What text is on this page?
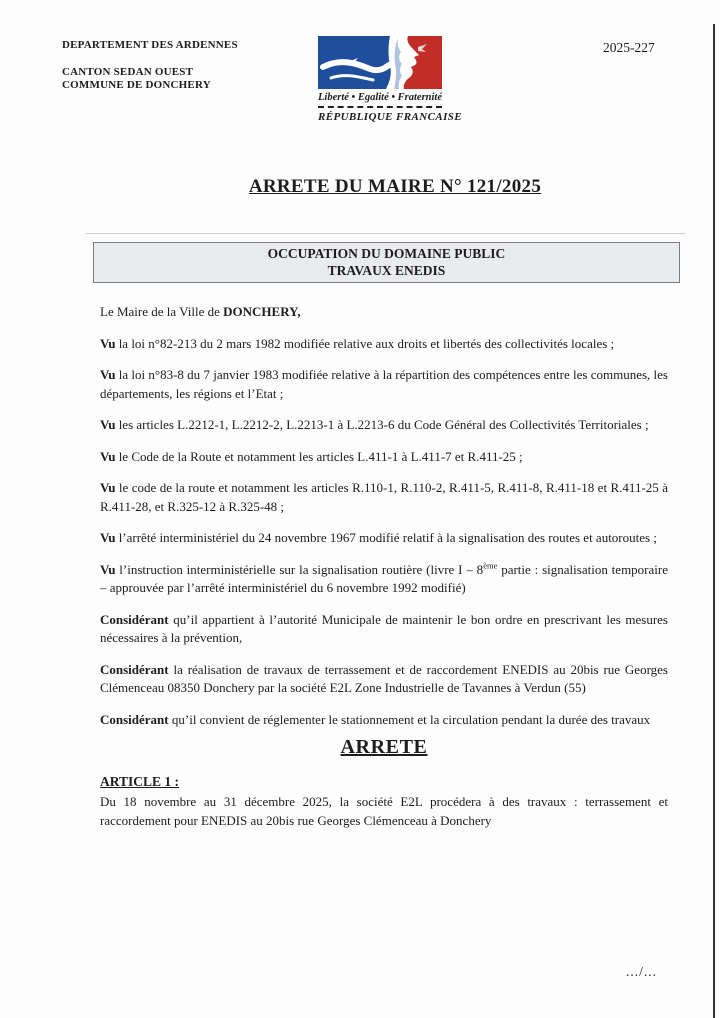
DEPARTEMENT DES ARDENNES
CANTON SEDAN OUEST
COMMUNE DE DONCHERY
2025-227
Liberté • Egalité • Fraternité
RÉPUBLIQUE FRANCAISE
ARRETE DU MAIRE N° 121/2025
OCCUPATION DU DOMAINE PUBLIC
TRAVAUX ENEDIS

Le Maire de la Ville de DONCHERY,

Vu la loi n°82-213 du 2 mars 1982 modifiée relative aux droits et libertés des collectivités locales ;

Vu la loi n°83-8 du 7 janvier 1983 modifiée relative à la répartition des compétences entre les communes, les départements, les régions et l’Etat ;

Vu les articles L.2212-1, L.2212-2, L.2213-1 à L.2213-6 du Code Général des Collectivités Territoriales ;

Vu le Code de la Route et notamment les articles L.411-1 à L.411-7 et R.411-25 ;

Vu le code de la route et notamment les articles R.110-1, R.110-2, R.411-5, R.411-8, R.411-18 et R.411-25 à R.411-28, et R.325-12 à R.325-48 ;

Vu l’arrêté interministériel du 24 novembre 1967 modifié relatif à la signalisation des routes et autoroutes ;

Vu l’instruction interministérielle sur la signalisation routière (livre I – 8ème partie : signalisation temporaire – approuvée par l’arrêté interministériel du 6 novembre 1992 modifié)

Considérant qu’il appartient à l’autorité Municipale de maintenir le bon ordre en prescrivant les mesures nécessaires à la prévention,

Considérant la réalisation de travaux de terrassement et de raccordement ENEDIS au 20bis rue Georges Clémenceau 08350 Donchery par la société E2L Zone Industrielle de Tavannes à Verdun (55)

Considérant qu’il convient de réglementer le stationnement et la circulation pendant la durée des travaux

ARRETE
ARTICLE 1 :

Du 18 novembre au 31 décembre 2025, la société E2L procédera à des travaux : terrassement et raccordement pour ENEDIS au 20bis rue Georges Clémenceau à Donchery

.../...
